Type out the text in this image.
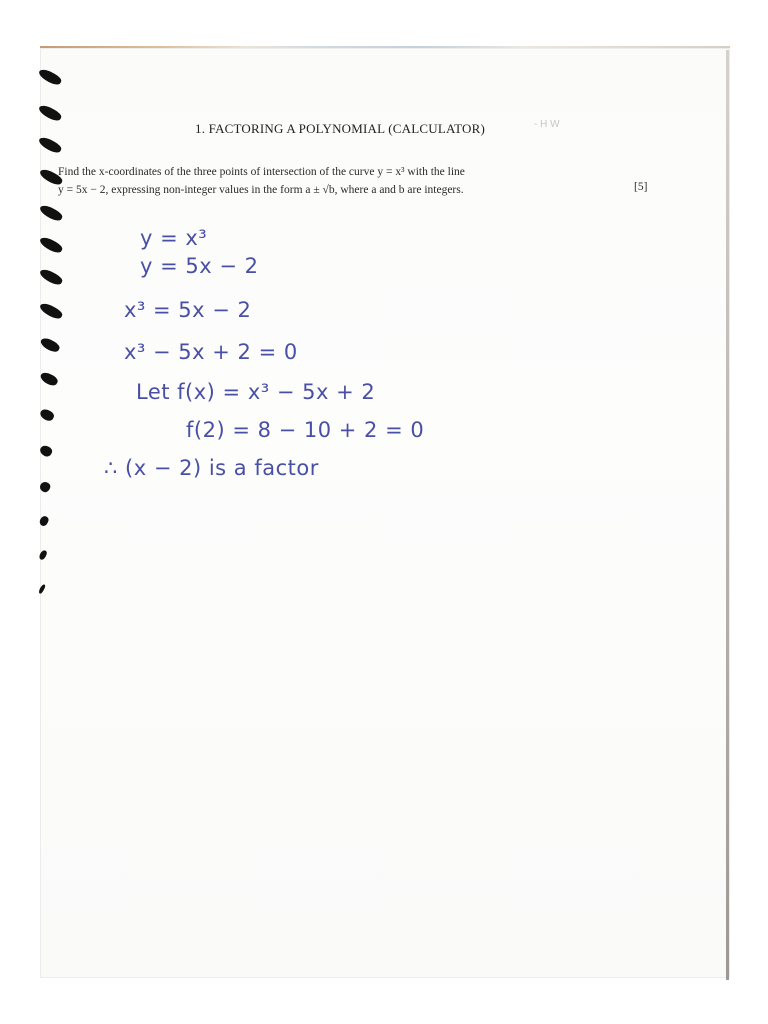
1. FACTORING A POLYNOMIAL (CALCULATOR)	- H W
Find the x-coordinates of the three points of intersection of the curve y = x³ with the line
y = 5x − 2, expressing non-integer values in the form a ± √b, where a and b are integers.	[5]
y = x³
y = 5x − 2
x³ = 5x − 2
x³ − 5x + 2 = 0
Let f(x) = x³ − 5x + 2
f(2) = 8 − 10 + 2 = 0
∴ (x − 2) is a factor
